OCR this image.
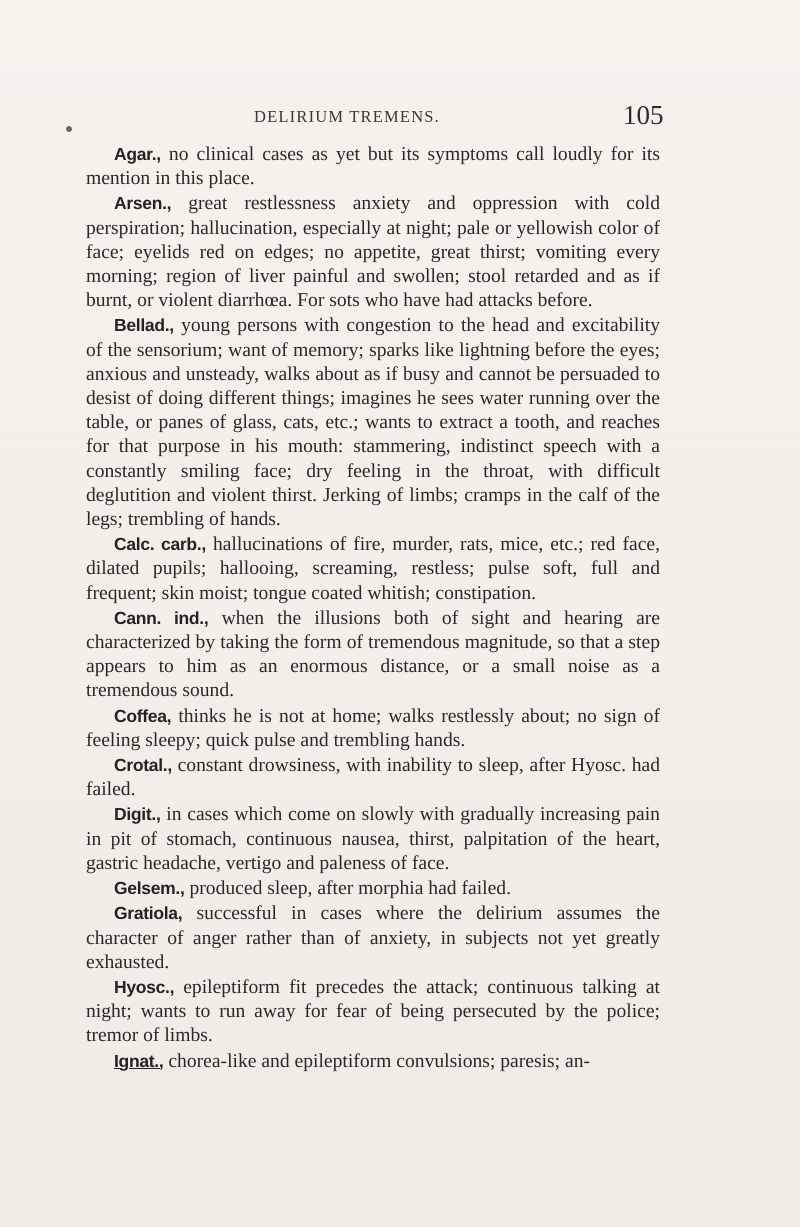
DELIRIUM TREMENS.	105

Agar., no clinical cases as yet but its symptoms call loudly for its mention in this place.

Arsen., great restlessness anxiety and oppression with cold perspiration; hallucination, especially at night; pale or yellowish color of face; eyelids red on edges; no appetite, great thirst; vomiting every morning; region of liver painful and swollen; stool retarded and as if burnt, or violent diarrhœa. For sots who have had attacks before.

Bellad., young persons with congestion to the head and excitability of the sensorium; want of memory; sparks like lightning before the eyes; anxious and unsteady, walks about as if busy and cannot be persuaded to desist of doing different things; imagines he sees water running over the table, or panes of glass, cats, etc.; wants to extract a tooth, and reaches for that purpose in his mouth: stammering, indistinct speech with a constantly smiling face; dry feeling in the throat, with difficult deglutition and violent thirst. Jerking of limbs; cramps in the calf of the legs; trembling of hands.

Calc. carb., hallucinations of fire, murder, rats, mice, etc.; red face, dilated pupils; hallooing, screaming, restless; pulse soft, full and frequent; skin moist; tongue coated whitish; constipation.

Cann. ind., when the illusions both of sight and hearing are characterized by taking the form of tremendous magnitude, so that a step appears to him as an enormous distance, or a small noise as a tremendous sound.

Coffea, thinks he is not at home; walks restlessly about; no sign of feeling sleepy; quick pulse and trembling hands.

Crotal., constant drowsiness, with inability to sleep, after Hyosc. had failed.

Digit., in cases which come on slowly with gradually increasing pain in pit of stomach, continuous nausea, thirst, palpitation of the heart, gastric headache, vertigo and paleness of face.

Gelsem., produced sleep, after morphia had failed.

Gratiola, successful in cases where the delirium assumes the character of anger rather than of anxiety, in subjects not yet greatly exhausted.

Hyosc., epileptiform fit precedes the attack; continuous talking at night; wants to run away for fear of being persecuted by the police; tremor of limbs.

Ignat., chorea-like and epileptiform convulsions; paresis; an-
